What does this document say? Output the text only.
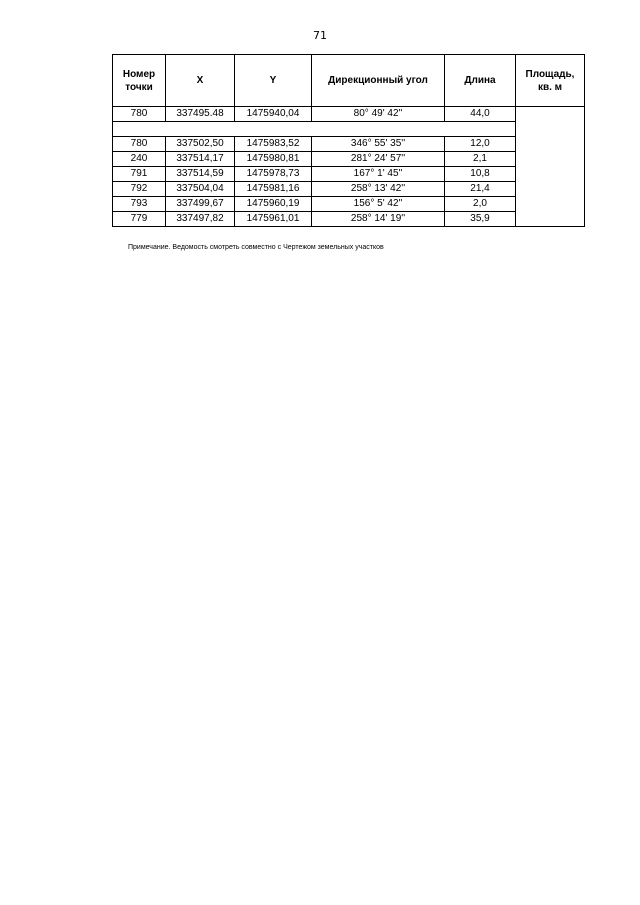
71
Номер
точки	X	Y	Дирекционный угол	Длина	Площадь,
кв. м
780	337495.48	1475940,04	80° 49' 42''	44,0	

780	337502,50	1475983,52	346° 55' 35''	12,0	
240	337514,17	1475980,81	281° 24' 57''	2,1	
791	337514,59	1475978,73	167° 1' 45''	10,8	
792	337504,04	1475981,16	258° 13' 42''	21,4	
793	337499,67	1475960,19	156° 5' 42''	2,0	
779	337497,82	1475961,01	258° 14' 19''	35,9	
Примечание. Ведомость смотреть совместно с Чертежом земельных участков
